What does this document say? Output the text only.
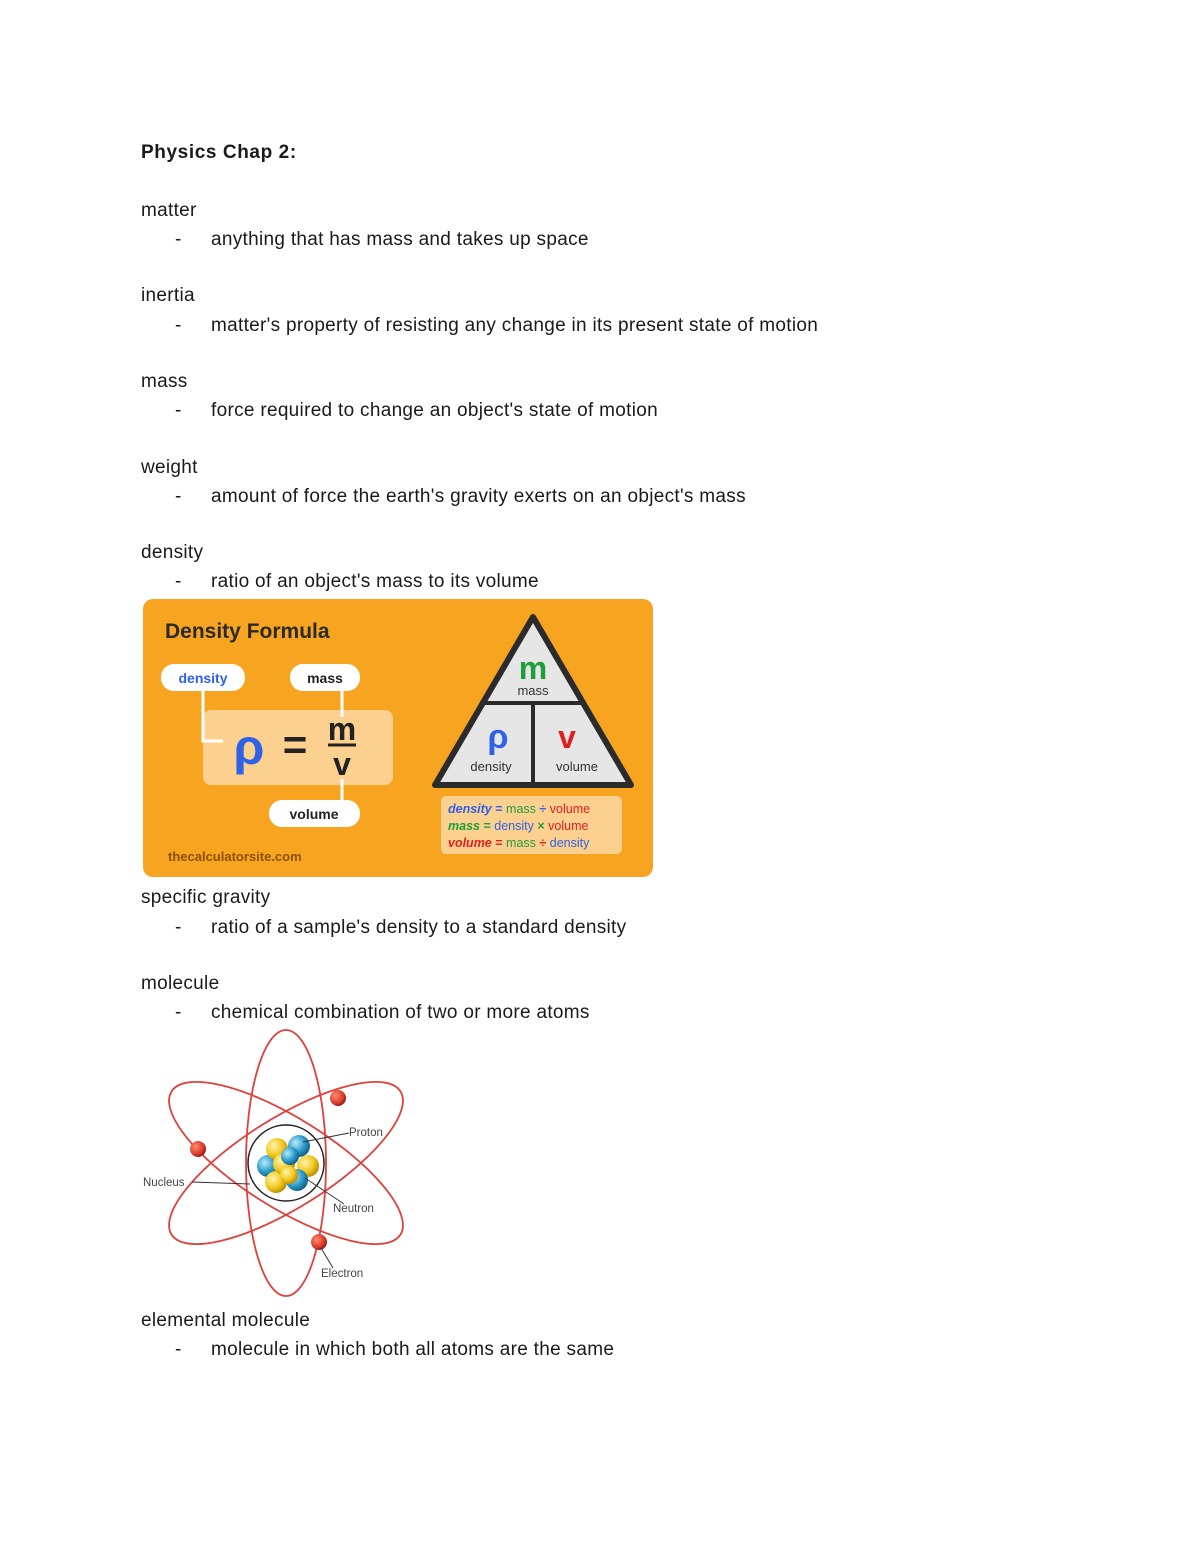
Physics Chap 2:
matter
- anything that has mass and takes up space
inertia
- matter's property of resisting any change in its present state of motion
mass
- force required to change an object's state of motion
weight
- amount of force the earth's gravity exerts on an object's mass
density
- ratio of an object's mass to its volume
Density Formula
density	mass
volume
ρ = m
v
m
mass
ρ
density
v
volume
density = mass ÷ volume
mass = density × volume
volume = mass ÷ density
thecalculatorsite.com
specific gravity
- ratio of a sample's density to a standard density
molecule
- chemical combination of two or more atoms
Proton
Nucleus
Neutron
Electron
elemental molecule
- molecule in which both all atoms are the same
